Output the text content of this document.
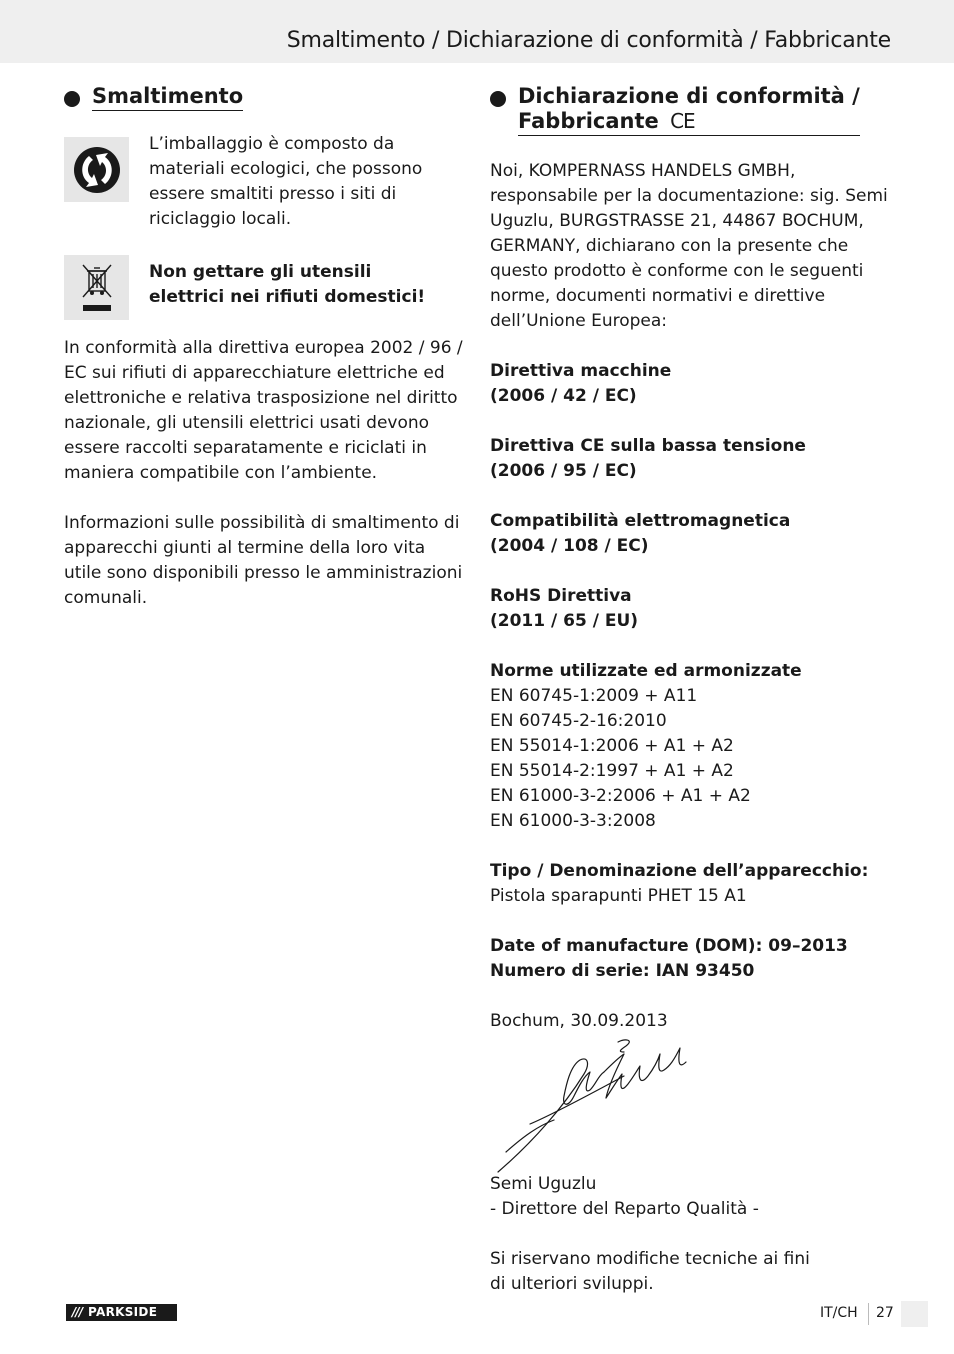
Smaltimento / Dichiarazione di conformità / Fabbricante
Smaltimento

L’imballaggio è composto da materiali ecologici, che possono essere smaltiti presso i siti di riciclaggio locali.

Non gettare gli utensili elettrici nei rifiuti domestici!

In conformità alla direttiva europea 2002 / 96 / EC sui rifiuti di apparecchiature elettriche ed elettroniche e relativa trasposizione nel diritto nazionale, gli utensili elettrici usati devono essere raccolti separatamente e riciclati in maniera compatibile con l’ambiente.

Informazioni sulle possibilità di smaltimento di apparecchi giunti al termine della loro vita utile sono disponibili presso le amministrazioni comunali.

Dichiarazione di conformità /
Fabbricante CE

Noi, KOMPERNASS HANDELS GMBH, responsabile per la documentazione: sig. Semi Uguzlu, BURGSTRASSE 21, 44867 BOCHUM, GERMANY, dichiarano con la presente che questo prodotto è conforme con le seguenti norme, documenti normativi e direttive dell’Unione Europea:

Direttiva macchine

(2006 / 42 / EC)

Direttiva CE sulla bassa tensione

(2006 / 95 / EC)

Compatibilità elettromagnetica

(2004 / 108 / EC)

RoHS Direttiva

(2011 / 65 / EU)

Norme utilizzate ed armonizzate

EN 60745-1:2009 + A11

EN 60745-2-16:2010

EN 55014-1:2006 + A1 + A2

EN 55014-2:1997 + A1 + A2

EN 61000-3-2:2006 + A1 + A2

EN 61000-3-3:2008

Tipo / Denominazione dell’apparecchio:

Pistola sparapunti PHET 15 A1

Date of manufacture (DOM): 09–2013

Numero di serie: IAN 93450

Bochum, 30.09.2013

Semi Uguzlu

- Direttore del Reparto Qualità -

Si riservano modifiche tecniche ai fini di ulteriori sviluppi.

/// PARKSIDE	IT/CH 27
